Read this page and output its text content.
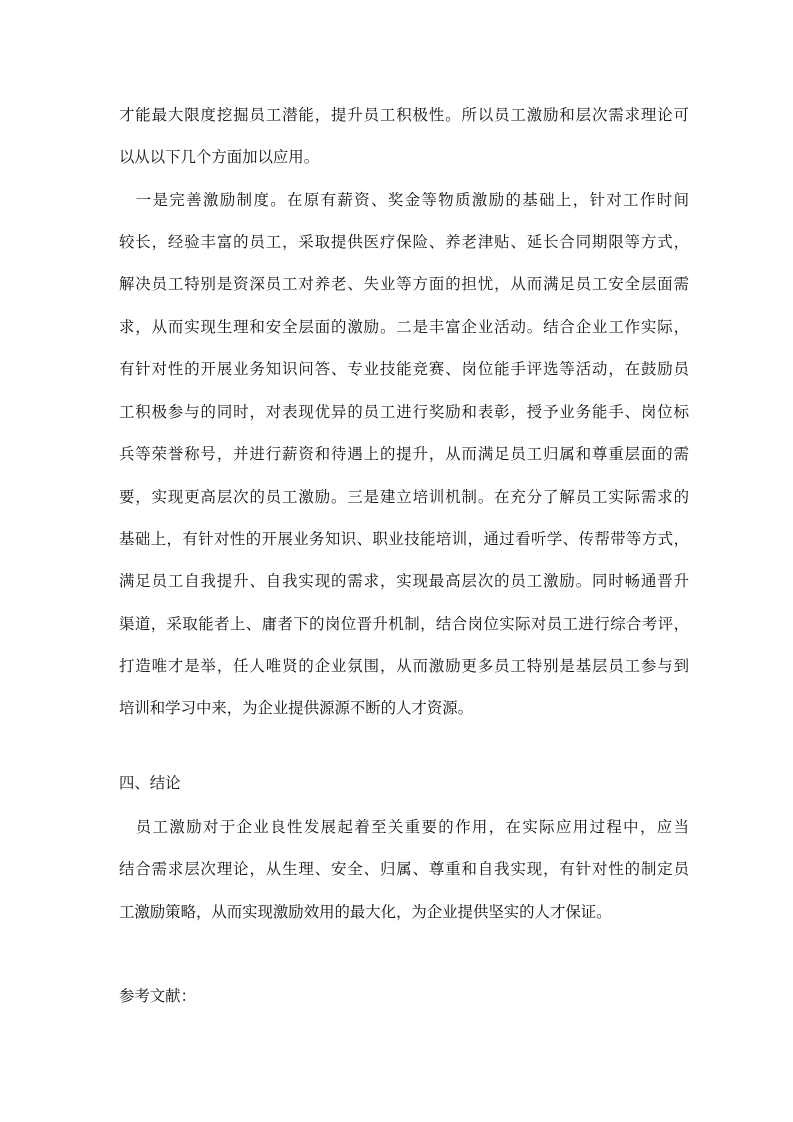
才能最大限度挖掘员工潜能，提升员工积极性。所以员工激励和层次需求理论可
以从以下几个方面加以应用。
　一是完善激励制度。在原有薪资、奖金等物质激励的基础上，针对工作时间
较长，经验丰富的员工，采取提供医疗保险、养老津贴、延长合同期限等方式，
解决员工特别是资深员工对养老、失业等方面的担忧，从而满足员工安全层面需
求，从而实现生理和安全层面的激励。二是丰富企业活动。结合企业工作实际，
有针对性的开展业务知识问答、专业技能竞赛、岗位能手评选等活动，在鼓励员
工积极参与的同时，对表现优异的员工进行奖励和表彰，授予业务能手、岗位标
兵等荣誉称号，并进行薪资和待遇上的提升，从而满足员工归属和尊重层面的需
要，实现更高层次的员工激励。三是建立培训机制。在充分了解员工实际需求的
基础上，有针对性的开展业务知识、职业技能培训，通过看听学、传帮带等方式，
满足员工自我提升、自我实现的需求，实现最高层次的员工激励。同时畅通晋升
渠道，采取能者上、庸者下的岗位晋升机制，结合岗位实际对员工进行综合考评，
打造唯才是举，任人唯贤的企业氛围，从而激励更多员工特别是基层员工参与到
培训和学习中来，为企业提供源源不断的人才资源。
四、结论
　员工激励对于企业良性发展起着至关重要的作用，在实际应用过程中，应当
结合需求层次理论，从生理、安全、归属、尊重和自我实现，有针对性的制定员
工激励策略，从而实现激励效用的最大化，为企业提供坚实的人才保证。
参考文献：
